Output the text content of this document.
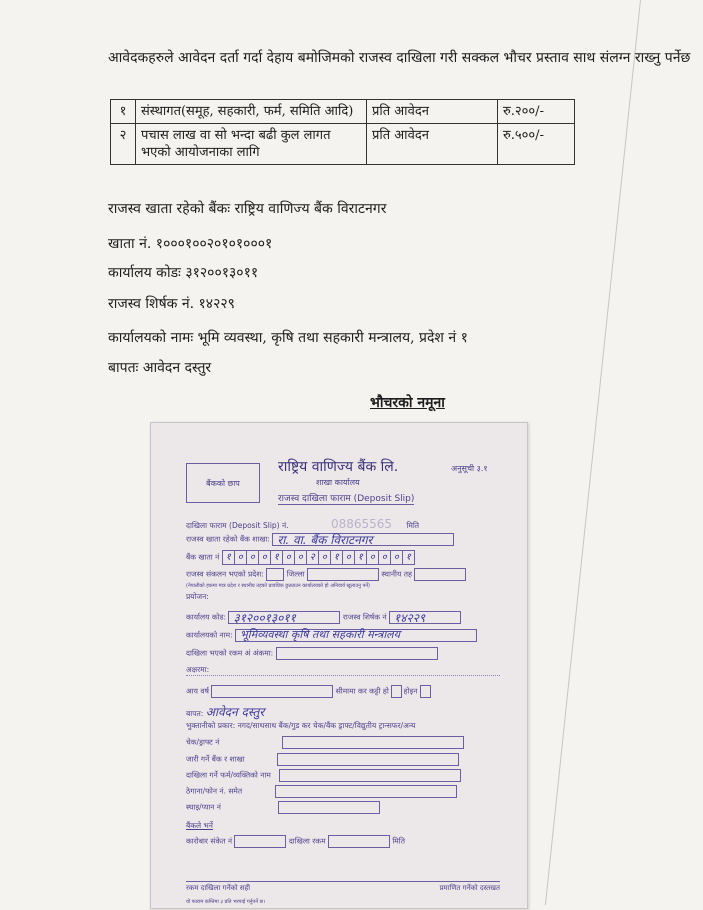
आवेदकहरुले आवेदन दर्ता गर्दा देहाय बमोजिमको राजस्व दाखिला गरी सक्कल भौचर प्रस्ताव साथ संलग्न राख्नु पर्नेछ
१	संस्थागत(समूह, सहकारी, फर्म, समिति आदि)	प्रति आवेदन	रु.२००/-
२	पचास लाख वा सो भन्दा बढी कुल लागत भएको आयोजनाका लागि	प्रति आवेदन	रु.५००/-
राजस्व खाता रहेको बैंकः राष्ट्रिय वाणिज्य बैंक विराटनगर
खाता नं. १०००१००२०१०१०००१
कार्यालय कोडः ३१२००१३०११
राजस्व शिर्षक नं. १४२२९
कार्यालयको नामः भूमि व्यवस्था, कृषि तथा सहकारी मन्त्रालय, प्रदेश नं १
बापतः आवेदन दस्तुर
भौचरको नमूना
बैंकको छाप
राष्ट्रिय वाणिज्य बैंक लि.	अनुसूची ३.१
शाखा कार्यालय
राजस्व दाखिला फाराम (Deposit Slip)
दाखिला फाराम (Deposit Slip) नं.	08865565 मिति
राजस्व खाता रहेको बैंक शाखा: रा. वा. बैंक विराटनगर
बैंक खाता नं १ ० ० ० १ ० ० २ ० १ ० १ ० ० ० १
राजस्व संकलन भएको प्रदेश:	जिल्ला	स्थानीय तह
(नेपालीको हकमा मात्र प्रदेश र स्थानीय तहको प्रावधिक छुट्याउन कार्यालयको हो अनिवार्य खुलाउनु पर्ने)
प्रयोजन:
कार्यालय कोड: ३१२००१३०११	राजस्व शिर्षक नं १४२२९
कार्यालयको नाम: भूमिव्यवस्था कृषि तथा सहकारी मन्त्रालय
दाखिला भएको रकम अं अंकमा:
अक्षरमा:
आय वर्ष	सीमामा कर कट्टी हो होइन
बापत: आवेदन दस्तुर
भुक्तानीको प्रकार: नगद/साथसाथ बैंक/गुड कर चेक/बैंक ड्राफ्ट/विद्युतीय ट्रान्सफर/अन्य
चेक/ड्राफ्ट नं
जारी गर्ने बैंक र शाखा
दाखिला गर्ने फर्म/व्यक्तिको नाम
ठेगाना/फोन नं. समेत
स्थाइ/प्यान नं
बैंकले भर्ने
कारोबार संकेत नं	दाखिला रकम	मिति
रकम दाखिला गर्नेको सही	प्रमाणित गर्नेको दस्तखत
यो फाराम कम्तिमा ३ प्रति भरपाई गर्नुपर्ने छ।
